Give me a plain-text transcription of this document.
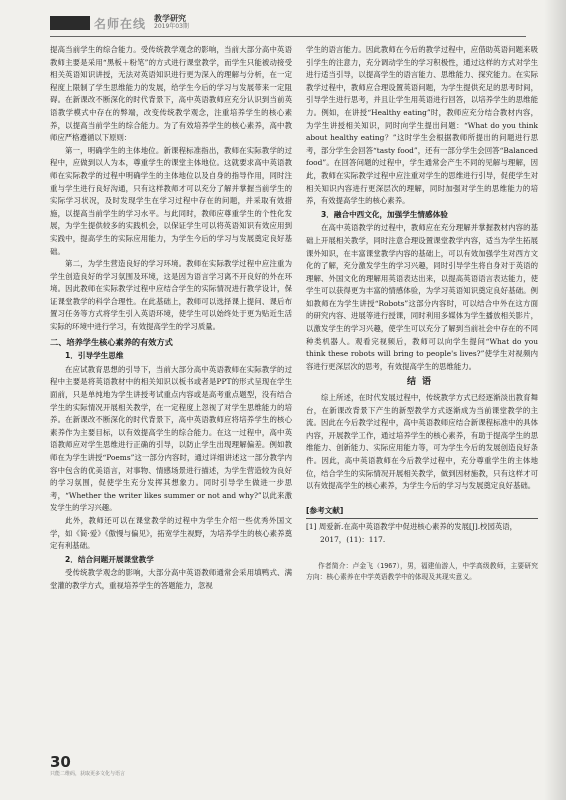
名师在线 教学研究
2019年03期

提高当前学生的综合能力。受传统教学观念的影响，当前大部分高中英语教师主要是采用“黑板＋粉笔”的方式进行课堂教学，而学生只能被动接受相关英语知识讲授，无法对英语知识进行更为深入的理解与分析，在一定程度上限制了学生思维能力的发展，给学生今后的学习与发展带来一定阻碍。在新课改不断深化的时代背景下，高中英语教师应充分认识到当前英语教学模式中存在的弊端，改变传统教学观念，注重培养学生的核心素养，以提高当前学生的综合能力。为了有效培养学生的核心素养，高中教师应严格遵循以下原则：

第一，明确学生的主体地位。新课程标准指出，教师在实际教学的过程中，应做到以人为本，尊重学生的课堂主体地位。这就要求高中英语教师在实际教学的过程中明确学生的主体地位以及自身的指导作用，同时注重与学生进行良好沟通，只有这样教师才可以充分了解并掌握当前学生的实际学习状况，及时发现学生在学习过程中存在的问题，并采取有效措施，以提高当前学生的学习水平。与此同时，教师应尊重学生的个性化发展，为学生提供较多的实践机会，以保证学生可以将英语知识有效应用到实践中，提高学生的实际应用能力，为学生今后的学习与发展奠定良好基础。

第二，为学生营造良好的学习环境。教师在实际教学过程中应注重为学生创造良好的学习氛围及环境，这是因为语言学习离不开良好的外在环境。因此教师在实际教学过程中应结合学生的实际情况进行教学设计，保证课堂教学的科学合理性。在此基础上，教师可以选择课上提问、课后布置习任务等方式将学生引入英语环境，使学生可以始终处于更为贴近生活实际的环境中进行学习，有效提高学生的学习质量。

二、培养学生核心素养的有效方式
1．引导学生思维

在应试教育思想的引导下，当前大部分高中英语教师在实际教学的过程中主要是将英语教材中的相关知识以板书或者是PPT的形式呈现在学生面前，只是单纯地为学生讲授考试重点内容或是高考重点题型，没有结合学生的实际情况开展相关教学，在一定程度上忽视了对学生思维能力的培养。在新课改不断深化的时代背景下，高中英语教师应将培养学生的核心素养作为主要目标，以有效提高学生的综合能力。在这一过程中，高中英语教师应对学生思维进行正确的引导，以防止学生出现理解偏差。例如教师在为学生讲授“Poems”这一部分内容时，通过详细讲述这一部分教学内容中包含的优美语言，对事物、情感场景进行描述，为学生营造较为良好的学习氛围，促使学生充分发挥其想象力。同时引导学生做进一步思考，“Whether the writer likes summer or not and why?”以此来激发学生的学习兴趣。

此外，教师还可以在课堂教学的过程中为学生介绍一些优秀外国文学，如《简·爱》《傲慢与偏见》，拓宽学生视野，为培养学生的核心素养奠定有利基础。

2．结合问题开展课堂教学

受传统教学观念的影响，大部分高中英语教师通常会采用填鸭式、满堂灌的教学方式，重视培养学生的答题能力，忽视

学生的语言能力。因此教师在今后的教学过程中，应借助英语问题来吸引学生的注意力，充分调动学生的学习积极性，通过这样的方式对学生进行适当引导，以提高学生的语言能力、思维能力、探究能力。在实际教学过程中，教师应合理设置英语问题，为学生提供充足的思考时间，引导学生进行思考，并且让学生用英语进行回答，以培养学生的思维能力。例如，在讲授“Healthy eating”时，教师应充分结合教材内容，为学生讲授相关知识，同时向学生提出问题：“What do you think about healthy eating？”这时学生会根据教师所提出的问题进行思考，部分学生会回答“tasty food”，还有一部分学生会回答“Balanced food”。在回答问题的过程中，学生通常会产生不同的见解与理解，因此，教师在实际教学过程中应注重对学生的思维进行引导，促使学生对相关知识内容进行更深层次的理解，同时加强对学生的思维能力的培养，有效提高学生的核心素养。

3．融合中西文化，加强学生情感体验

在高中英语教学的过程中，教师应在充分理解并掌握教材内容的基础上开展相关教学，同时注意合理设置课堂教学内容，适当为学生拓展课外知识，在丰富课堂教学内容的基础上，可以有效加强学生对西方文化的了解，充分激发学生的学习兴趣，同时引导学生将自身对于英语的理解、外国文化的理解用英语表达出来，以提高英语语言表达能力，使学生可以获得更为丰富的情感体验，为学习英语知识奠定良好基础。例如教师在为学生讲授“Robots”这部分内容时，可以结合中外在这方面的研究内容、进展等进行授课，同时利用多媒体为学生播放相关影片，以激发学生的学习兴趣，使学生可以充分了解到当前社会中存在的不同种类机器人。观看完视频后，教师可以向学生提问“What do you think these robots will bring to people's lives?”使学生对视频内容进行更深层次的思考，有效提高学生的思维能力。

结语

综上所述，在时代发展过程中，传统教学方式已经逐渐淡出教育舞台，在新课改背景下产生的新型教学方式逐渐成为当前课堂教学的主流。因此在今后教学过程中，高中英语教师应结合新课程标准中的具体内容，开展教学工作，通过培养学生的核心素养，有助于提高学生的思维能力、创新能力、实际应用能力等，可为学生今后的发展创造良好条件。因此，高中英语教师在今后教学过程中，充分尊重学生的主体地位，结合学生的实际情况开展相关教学，做到因材施教，只有这样才可以有效提高学生的核心素养，为学生今后的学习与发展奠定良好基础。

[参考文献]

[1] 周爱新.在高中英语教学中促进核心素养的发展[J].校园英语，2017，(11)：117.

作者简介：卢金飞（1967），男，福建仙游人，中学高级教师，主要研究方向：核心素养在中学英语教学中的体现及其现实意义。

30
只能二维码，获取更多文化与语言
